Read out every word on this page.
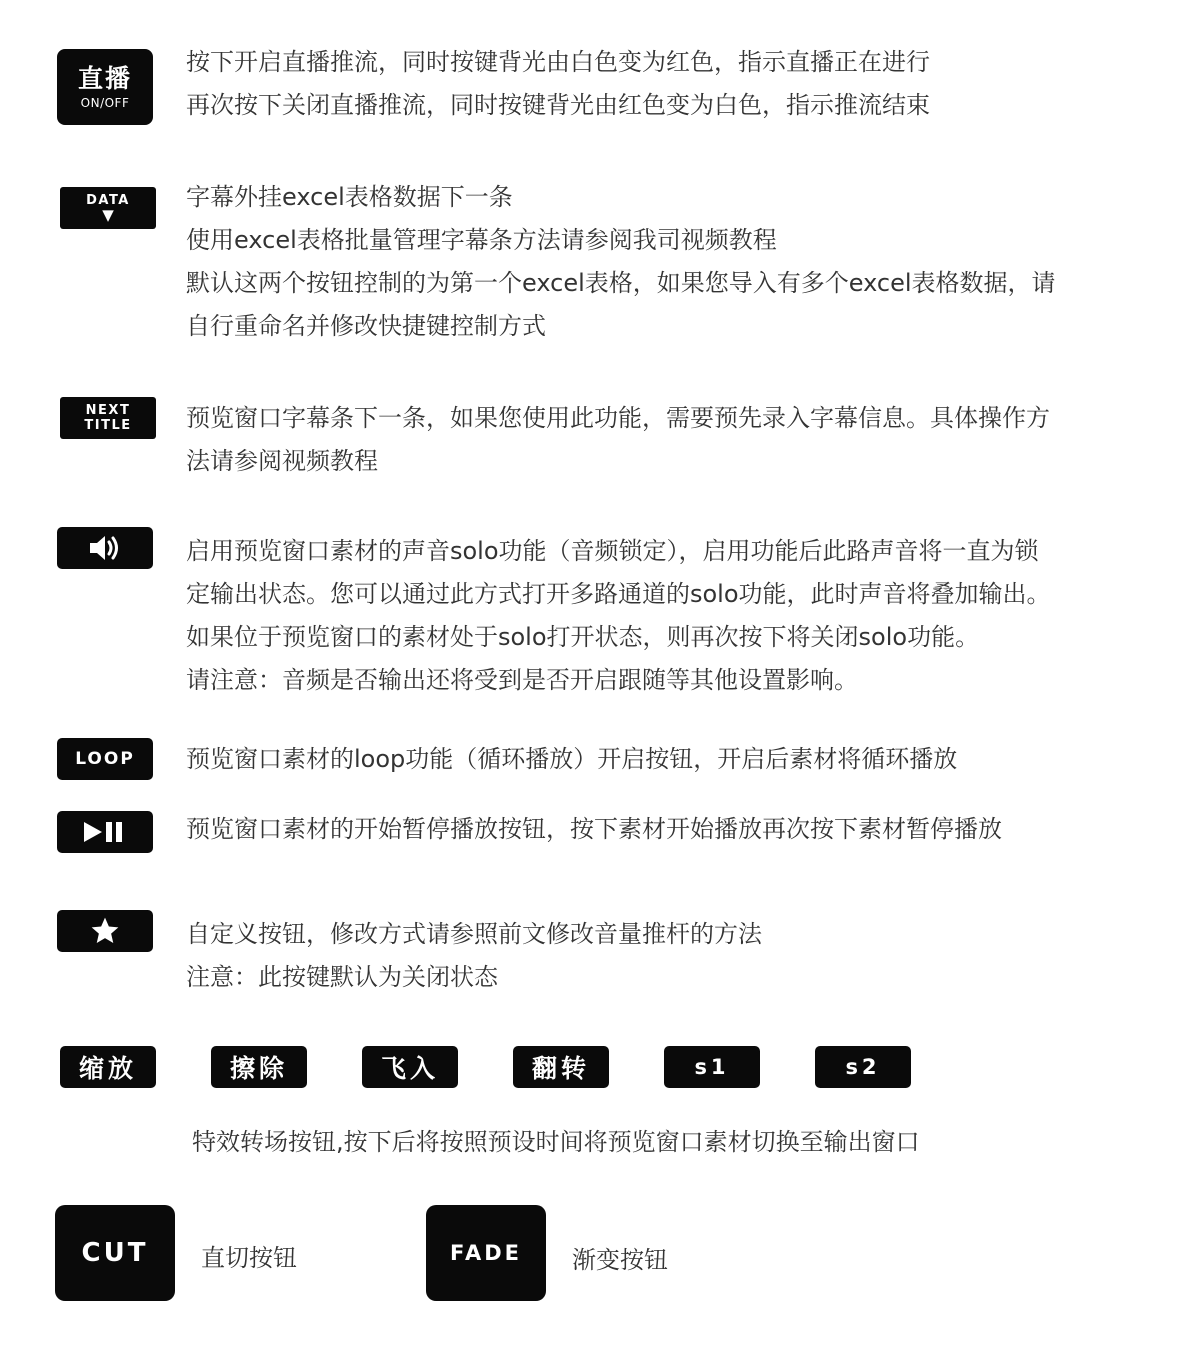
直播
ON/OFF
按下开启直播推流，同时按键背光由白色变为红色，指示直播正在进行
再次按下关闭直播推流，同时按键背光由红色变为白色，指示推流结束
DATA
▼
字幕外挂excel表格数据下一条
使用excel表格批量管理字幕条方法请参阅我司视频教程
默认这两个按钮控制的为第一个excel表格，如果您导入有多个excel表格数据，请
自行重命名并修改快捷键控制方式
NEXT
TITLE 预览窗口字幕条下一条，如果您使用此功能，需要预先录入字幕信息。具体操作方
法请参阅视频教程
启用预览窗口素材的声音solo功能（音频锁定），启用功能后此路声音将一直为锁
定输出状态。您可以通过此方式打开多路通道的solo功能，此时声音将叠加输出。
如果位于预览窗口的素材处于solo打开状态，则再次按下将关闭solo功能。
请注意：音频是否输出还将受到是否开启跟随等其他设置影响。
LOOP 预览窗口素材的loop功能（循环播放）开启按钮，开启后素材将循环播放
预览窗口素材的开始暂停播放按钮，按下素材开始播放再次按下素材暂停播放
自定义按钮，修改方式请参照前文修改音量推杆的方法
注意：此按键默认为关闭状态
缩放	擦除	飞入	翻转	s1	s2
特效转场按钮,按下后将按照预设时间将预览窗口素材切换至输出窗口
CUT 直切按钮	FADE 渐变按钮
